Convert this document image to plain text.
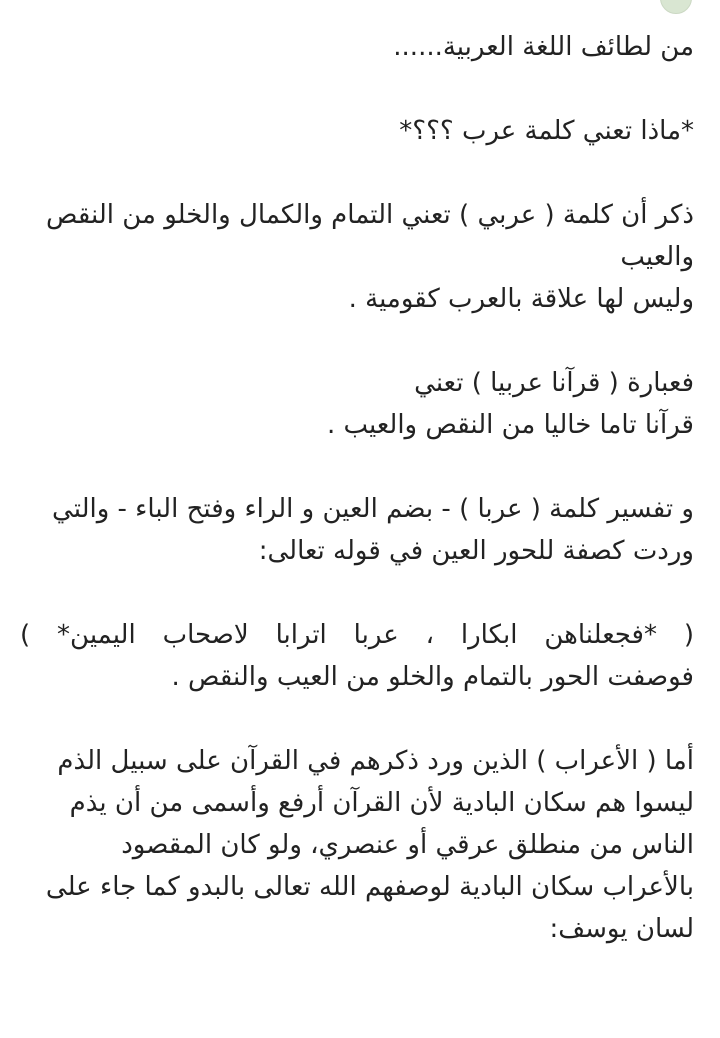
من لطائف اللغة العربية......
*ماذا تعني كلمة عرب ؟؟؟*
ذكر أن كلمة ( عربي ) تعني التمام والكمال والخلو من النقص
والعيب
وليس لها علاقة بالعرب كقومية .
فعبارة ( قرآنا عربيا ) تعني
قرآنا تاما خاليا من النقص والعيب .
و تفسير كلمة ( عربا ) - بضم العين و الراء وفتح الباء - والتي
وردت كصفة للحور العين في قوله تعالى:
( *فجعلناهن ابكارا ، عربا اترابا لاصحاب اليمين* )
فوصفت الحور بالتمام والخلو من العيب والنقص .
أما ( الأعراب ) الذين ورد ذكرهم في القرآن على سبيل الذم
ليسوا هم سكان البادية لأن القرآن أرفع وأسمى من أن يذم
الناس من منطلق عرقي أو عنصري، ولو كان المقصود
بالأعراب سكان البادية لوصفهم الله تعالى بالبدو كما جاء على
لسان يوسف:
